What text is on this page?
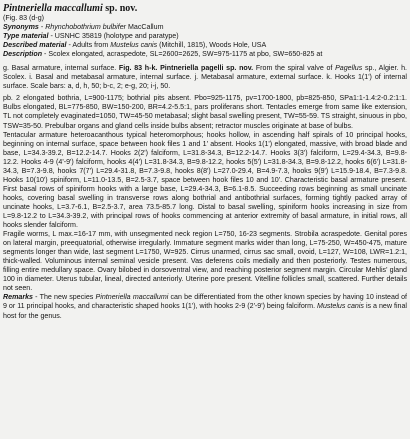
Pintneriella maccallumi sp. nov.
(Fig. 83 (d-g)
Synonyms - Rhynchobothrium bulbifer MacCallum
Type material - USNHC 35819 (holotype and paratype)
Described material - Adults from Mustelus canis (Mitchill, 1815), Woods Hole, USA
Description - Scolex elongated, acraspedote, SL=2600=2625, SW=975-1175 at pbo, SW=650-825 at
g. Basal armature, internal surface. Fig. 83 h-k. Pintneriella pagelli sp. nov. From the spiral valve of Pagellus sp., Algier. h. Scolex. i. Basal and metabasal armature, internal surface. j. Metabasal armature, external surface. k. Hooks 1(1') of internal surface. Scale bars: a, d, h, 50; b-c, 2; e-g, 20; i-j, 50.

pb. 2 elongated bothria, L=900-1175; bothrial pits absent. Pbo=925-1175, pv=1700-1800, pb=825-850, SPa1:1-1.4:2-0.2:1:1. Bulbs elongated, BL=775-850, BW=150-200, BR=4.2-5.5:1, pars proliferans short. Tentacles emerge from same like extension, TL not completely evaginated=1050, TW=45-50 metabasal; slight basal swelling present, TW=55-59. TS straight, sinuous in pbo, TSW=35-50. Prebulbar organs and gland cells inside bulbs absent; retractor muscles originate at base of bulbs.

Tentacular armature heteroacanthous typical heteromorphous; hooks hollow, in ascending half spirals of 10 principal hooks, beginning on internal surface, space between hook files 1 and 1' absent. Hooks 1(1') elongated, massive, with broad blade and base, L=34.3-39.2, B=12.2-14.7. Hooks 2(2') falciform, L=31.8-34.3, B=12.2-14.7. Hooks 3(3') falciform, L=29.4-34.3, B=9.8-12.2. Hooks 4-9 (4'-9') falciform, hooks 4(4') L=31.8-34.3, B=9.8-12.2, hooks 5(5') L=31.8-34.3, B=9.8-12.2, hooks 6(6') L=31.8-34.3, B=7.3-9.8, hooks 7(7') L=29.4-31.8, B=7.3-9.8, hooks 8(8') L=27.0-29.4, B=4.9-7.3, hooks 9(9') L=15.9-18.4, B=7.3-9.8. Hooks 10(10') spiniform, L=11.0-13.5, B=2.5-3.7, space between hook files 10 and 10'. Characteristic basal armature present. First basal rows of spiniform hooks with a large base, L=29.4-34.3, B=6.1-8.5. Succeeding rows beginning as small uncinate hooks, covering basal swelling in transverse rows along bothrial and antibothrial surfaces, forming tightly packed array of uncinate hooks, L=3.7-6.1, B=2.5-3.7, area 73.5-85.7 long. Distal to basal swelling, spiniform hooks increasing in size from L=9.8-12.2 to L=34.3-39.2, with principal rows of hooks commencing at anterior extremity of basal armature, in initial rows, all hooks slender falciform.

Fragile worms, L max.=16-17 mm, with unsegmented neck region L=750, 16-23 segments. Strobila acraspedote. Genital pores on lateral margin, preequatorial, otherwise irregularly. Immature segment marks wider than long, L=75-250, W=450-475, mature segments longer than wide, last segment L=1750, W=925. Cirrus unarmed, cirrus sac small, ovoid, L=127, W=108, LWR=1.2:1, thick-walled. Voluminous internal seminal vesicle present. Vas deferens coils medially and then posteriorly. Testes numerous, filling entire medullary space. Ovary bilobed in dorsoventral view, and reaching posterior segment margin. Circular Mehlis' gland 100 in diameter. Uterus tubular, lineal, directed anteriorly. Uterine pore present. Vitelline follicles small, scattered. Further details not seen.

Remarks - The new species Pintneriella maccallumi can be differentiated from the other known species by having 10 instead of 9 or 11 principal hooks, and characteristic shaped hooks 1(1'), with hooks 2-9 (2'-9') being falciform. Mustelus canis is a new final host for the genus.
